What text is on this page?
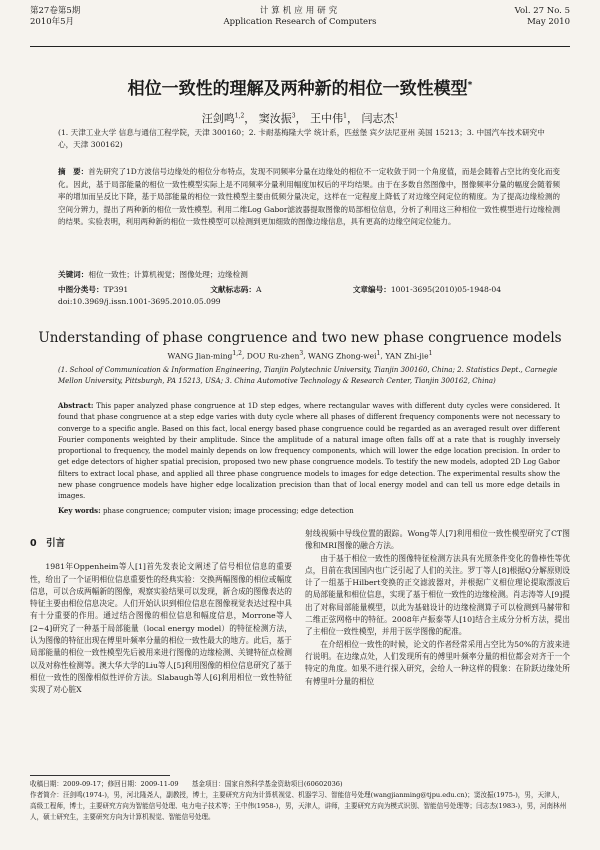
第27卷第5期
2010年5月
计算机应用研究
Application Research of Computers
Vol. 27 No. 5
May 2010
相位一致性的理解及两种新的相位一致性模型*
汪剑鸣$^{1,2}$， 窦汝振$^3$， 王中伟$^1$， 闫志杰$^1$
(1. 天津工业大学 信息与通信工程学院，天津 300160；2. 卡耐基梅隆大学 统计系，匹兹堡 宾夕法尼亚州 美国 15213；3. 中国汽车技术研究中心，天津 300162)
摘　要：首先研究了1D方波信号边缘处的相位分布特点，发现不同频率分量在边缘处的相位不一定收敛于同一个角度值，而是会随着占空比的变化而变化。因此，基于局部能量的相位一致性模型实际上是不同频率分量利用幅度加权后的平均结果。由于在多数自然图像中，图像频率分量的幅度会随着频率的增加而呈反比下降，基于局部能量的相位一致性模型主要由低频分量决定，这样在一定程度上降低了对边缘空间定位的精度。为了提高边缘检测的空间分辨力，提出了两种新的相位一致性模型。利用二维Log Gabor滤波器提取图像的局部相位信息，分析了利用这三种相位一致性模型进行边缘检测的结果。实验表明，利用两种新的相位一致性模型可以检测到更加细致的图像边缘信息，具有更高的边缘空间定位能力。
关键词：相位一致性；计算机视觉；图像处理；边缘检测
中图分类号：TP391	文献标志码：A	文章编号：1001-3695(2010)05-1948-04
doi:10.3969/j.issn.1001-3695.2010.05.099
Understanding of phase congruence and two new phase congruence models
WANG Jian-ming$^{1,2}$, DOU Ru-zhen$^3$, WANG Zhong-wei$^1$, YAN Zhi-jie$^1$
(1. School of Communication & Information Engineering, Tianjin Polytechnic University, Tianjin 300160, China; 2. Statistics Dept., Carnegie Mellon University, Pittsburgh, PA 15213, USA; 3. China Automotive Technology & Research Center, Tianjin 300162, China)
Abstract: This paper analyzed phase congruence at 1D step edges, where rectangular waves with different duty cycles were considered. It found that phase congruence at a step edge varies with duty cycle where all phases of different frequency components were not necessary to converge to a specific angle. Based on this fact, local energy based phase congruence could be regarded as an averaged result over different Fourier components weighted by their amplitude. Since the amplitude of a natural image often falls off at a rate that is roughly inversely proportional to frequency, the model mainly depends on low frequency components, which will lower the edge location precision. In order to get edge detectors of higher spatial precision, proposed two new phase congruence models. To testify the new models, adopted 2D Log Gabor filters to extract local phase, and applied all three phase congruence models to images for edge detection. The experimental results show the new phase congruence models have higher edge localization precision than that of local energy model and can tell us more edge details in images.
Key words: phase congruence; computer vision; image processing; edge detection
0　引言

1981年Oppenheim等人[1]首先发表论文阐述了信号相位信息的重要性，给出了一个证明相位信息重要性的经典实验：交换两幅图像的相位或幅度信息，可以合成两幅新的图像，观察实验结果可以发现，新合成的图像表达的特征主要由相位信息决定。人们开始认识到相位信息在图像视觉表达过程中具有十分重要的作用。通过结合图像的相位信息和幅度信息，Morrone等人[2~4]研究了一种基于局部能量（local energy model）的特征检测方法，认为图像的特征出现在傅里叶频率分量的相位一致性最大的地方。此后，基于局部能量的相位一致性模型先后被用来进行图像的边缘检测、关键特征点检测以及对称性检测等。澳大华大学的Liu等人[5]利用图像的相位信息研究了基于相位一致性的图像相似性评价方法。Slabaugh等人[6]利用相位一致性特征实现了对心脏X

射线视频中导线位置的跟踪。Wong等人[7]利用相位一致性模型研究了CT图像和MRI图像的融合方法。

由于基于相位一致性的图像特征检测方法具有光照条件变化的鲁棒性等优点，目前在我国国内也广泛引起了人们的关注。罗丁等人[8]根据Q分解原则设计了一组基于Hilbert变换的正交滤波器对，并根据广义相位理论提取漂波后的局部能量和相位信息，实现了基于相位一致性的边缘检测。肖志涛等人[9]提出了对称局部能量模型，以此为基础设计的边缘检测算子可以检测到马赫带和二维正弦网格中的特征。2008年卢振泰等人[10]结合主成分分析方法，提出了主相位一致性模型，并用于医学图像的配准。

在介绍相位一致性的时候，论文的作者经常采用占空比为50%的方波来进行说明。在边缘点处，人们发现所有的傅里叶频率分量的相位都会对齐于一个特定的角度。如果不进行探入研究，会给人一种这样的假象：在阶跃边缘处所有傅里叶分量的相位

收稿日期：2009-09-17；修回日期：2009-11-09　　基金项目：国家自然科学基金资助项目(60602036)
作者简介：汪剑鸣(1974-)，男，河北隆尧人，副教授，博士，主要研究方向为计算机视觉、机器学习、智能信号处理(wangjianming@tjpu.edu.cn)；窦汝振(1975-)，男，天津人，高级工程师，博士，主要研究方向为智能信号处理、电力电子技术等；王中伟(1958-)，男，天津人，讲师，主要研究方向为模式识别、智能信号处理等；闫志杰(1983-)，男，河南林州人，硕士研究生，主要研究方向为计算机视觉、智能信号处理。
